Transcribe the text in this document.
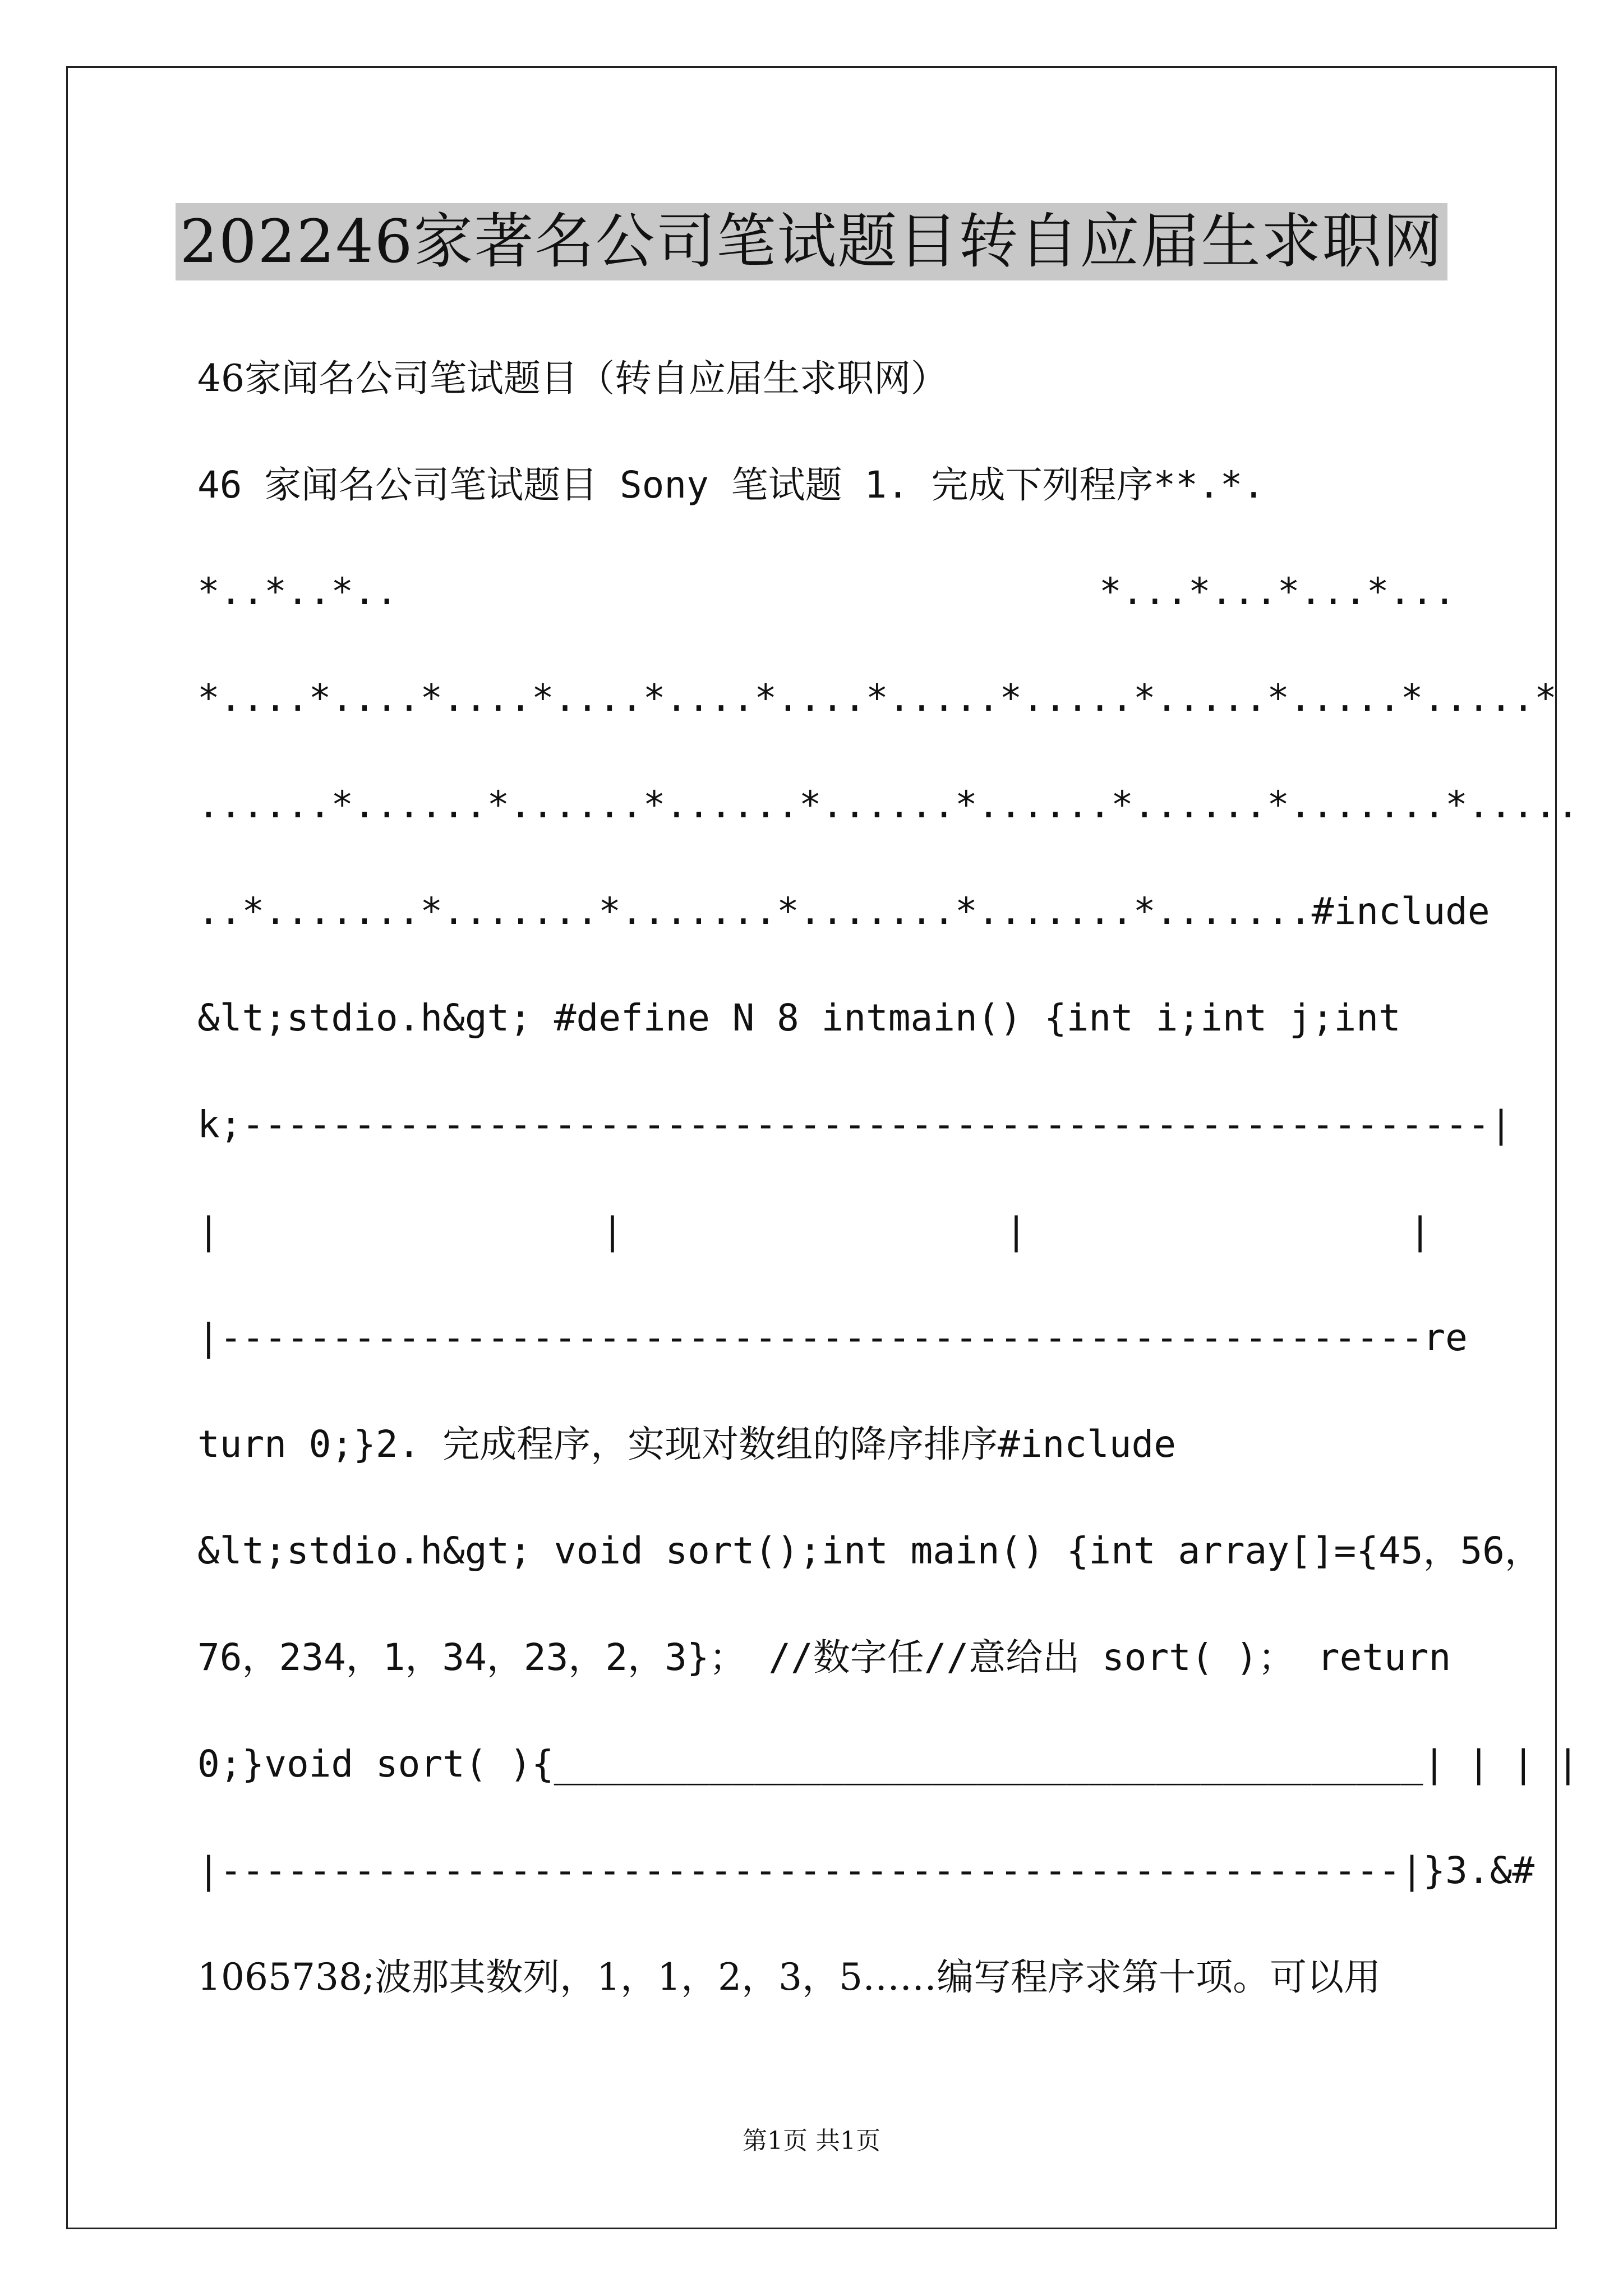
202246家著名公司笔试题目转自应届生求职网
46家闻名公司笔试题目（转自应届生求职网）
46 家闻名公司笔试题目 Sony 笔试题 1. 完成下列程序**.*.
*..*..*..	*...*...*...*...
*....*....*....*....*....*....*.....*.....*.....*.....*.....*
......*......*......*......*......*......*......*.......*.....
..*.......*.......*.......*.......*.......*.......#include
&lt;stdio.h&gt; #define N 8 intmain() {int i;int j;int
k;--------------------------------------------------------|
|	|	|	|
|------------------------------------------------------re
turn 0;}2. 完成程序，实现对数组的降序排序#include
&lt;stdio.h&gt; void sort();int main() {int array[]={45，56，
76，234，1，34，23，2，3}； //数字任//意给出 sort( )； return
0;}void sort( ){_______________________________________| | | |
|-----------------------------------------------------|}3.&#
1065738;波那其数列，1，1，2，3，5……编写程序求第十项。可以用
第1页 共1页
